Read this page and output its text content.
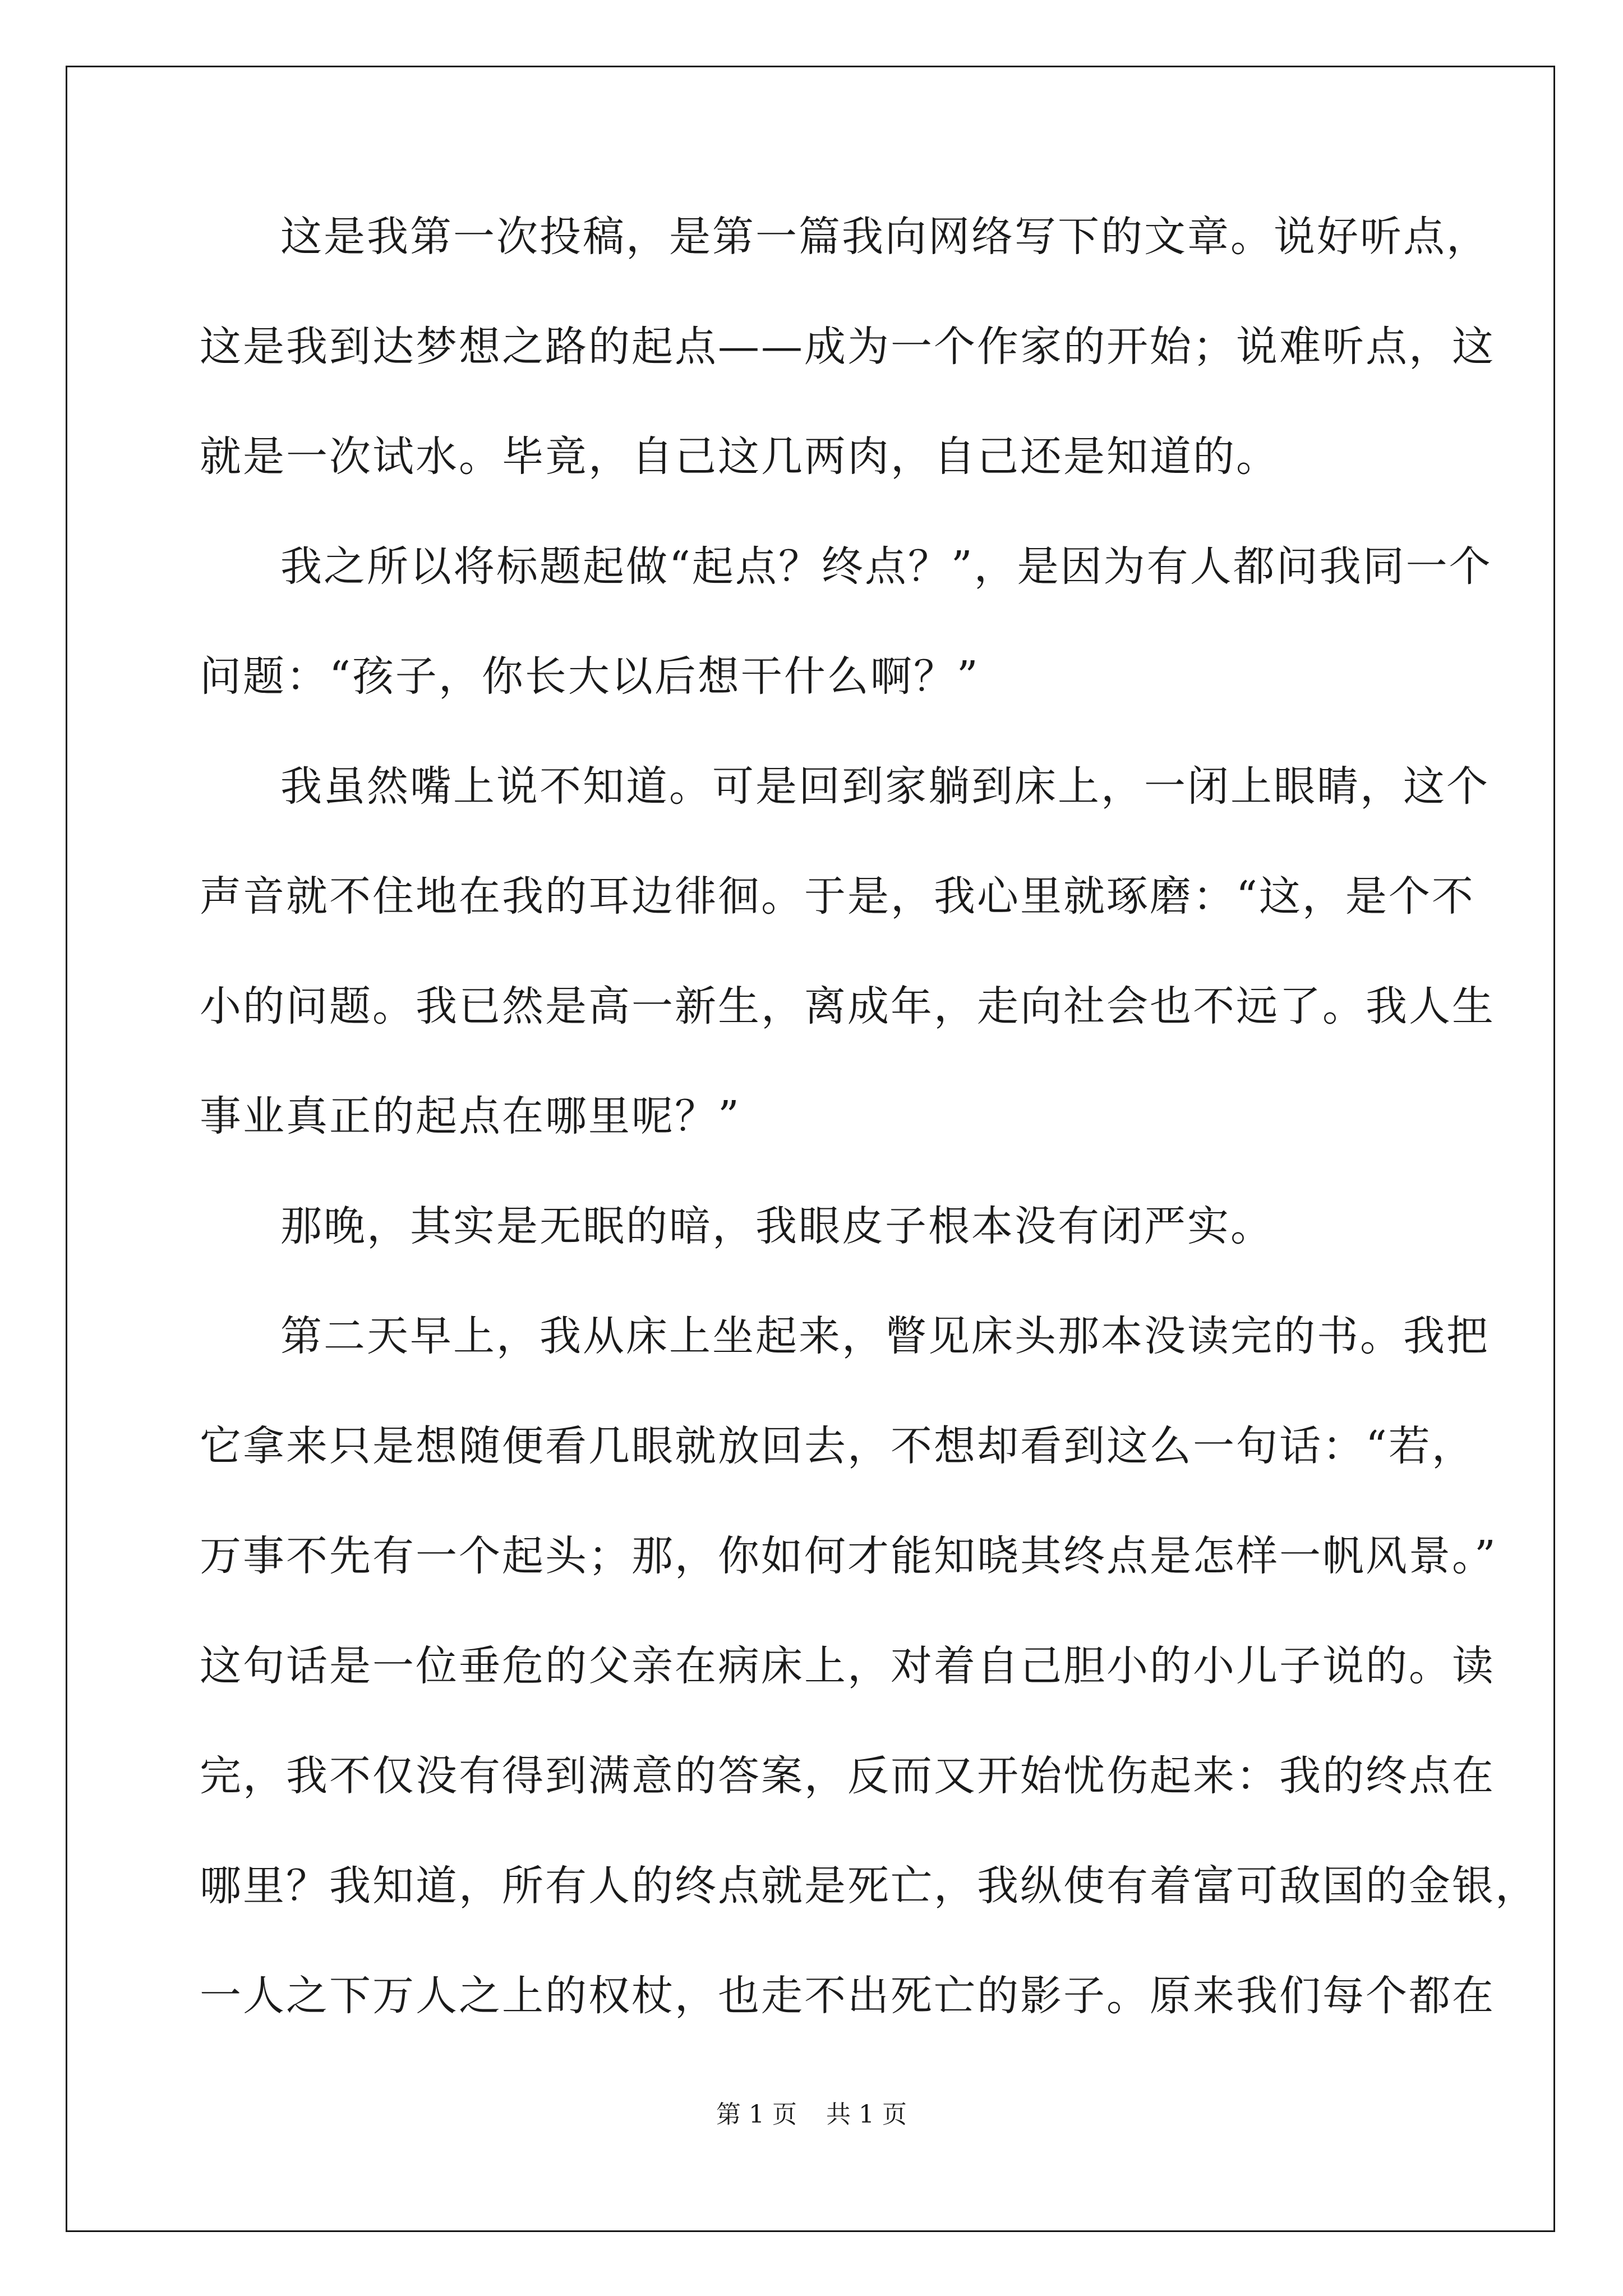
这是我第一次投稿，是第一篇我向网络写下的文章。说好听点，

这是我到达梦想之路的起点——成为一个作家的开始；说难听点，这

就是一次试水。毕竟，自己这几两肉，自己还是知道的。

我之所以将标题起做“起点？终点？”，是因为有人都问我同一个

问题：“孩子，你长大以后想干什么啊？”

我虽然嘴上说不知道。可是回到家躺到床上，一闭上眼睛，这个

声音就不住地在我的耳边徘徊。于是，我心里就琢磨：“这，是个不

小的问题。我已然是高一新生，离成年，走向社会也不远了。我人生

事业真正的起点在哪里呢？”

那晚，其实是无眠的暗，我眼皮子根本没有闭严实。

第二天早上，我从床上坐起来，瞥见床头那本没读完的书。我把

它拿来只是想随便看几眼就放回去，不想却看到这么一句话：“若，

万事不先有一个起头；那，你如何才能知晓其终点是怎样一帆风景。”

这句话是一位垂危的父亲在病床上，对着自己胆小的小儿子说的。读

完，我不仅没有得到满意的答案，反而又开始忧伤起来：我的终点在

哪里？我知道，所有人的终点就是死亡，我纵使有着富可敌国的金银，

一人之下万人之上的权杖，也走不出死亡的影子。原来我们每个都在

第 1 页 共 1 页
